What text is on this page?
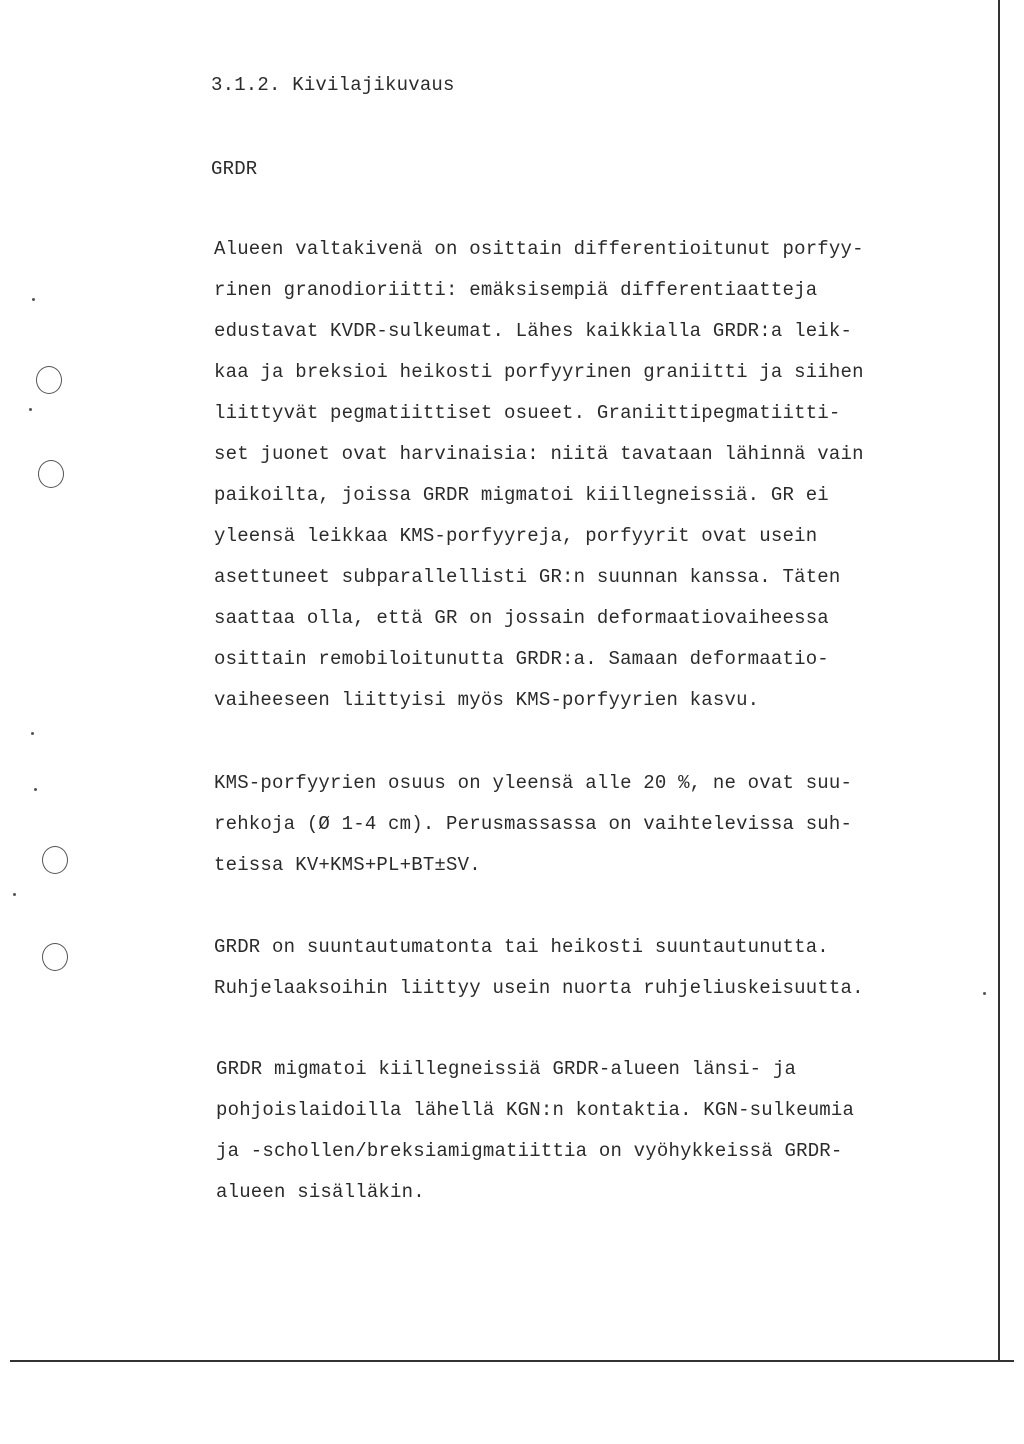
3.1.2. Kivilajikuvaus
GRDR
Alueen valtakivenä on osittain differentioitunut porfyy-
rinen granodioriitti: emäksisempiä differentiaatteja
edustavat KVDR-sulkeumat. Lähes kaikkialla GRDR:a leik-
kaa ja breksioi heikosti porfyyrinen graniitti ja siihen
liittyvät pegmatiittiset osueet. Graniittipegmatiitti-
set juonet ovat harvinaisia: niitä tavataan lähinnä vain
paikoilta, joissa GRDR migmatoi kiillegneissiä. GR ei
yleensä leikkaa KMS-porfyyreja, porfyyrit ovat usein
asettuneet subparallellisti GR:n suunnan kanssa. Täten
saattaa olla, että GR on jossain deformaatiovaiheessa
osittain remobiloitunutta GRDR:a. Samaan deformaatio-
vaiheeseen liittyisi myös KMS-porfyyrien kasvu.
KMS-porfyyrien osuus on yleensä alle 20 %, ne ovat suu-
rehkoja (Ø 1-4 cm). Perusmassassa on vaihtelevissa suh-
teissa KV+KMS+PL+BT±SV.
GRDR on suuntautumatonta tai heikosti suuntautunutta.
Ruhjelaaksoihin liittyy usein nuorta ruhjeliuskeisuutta.
GRDR migmatoi kiillegneissiä GRDR-alueen länsi- ja
pohjoislaidoilla lähellä KGN:n kontaktia. KGN-sulkeumia
ja -schollen/breksiamigmatiittia on vyöhykkeissä GRDR-
alueen sisälläkin.
